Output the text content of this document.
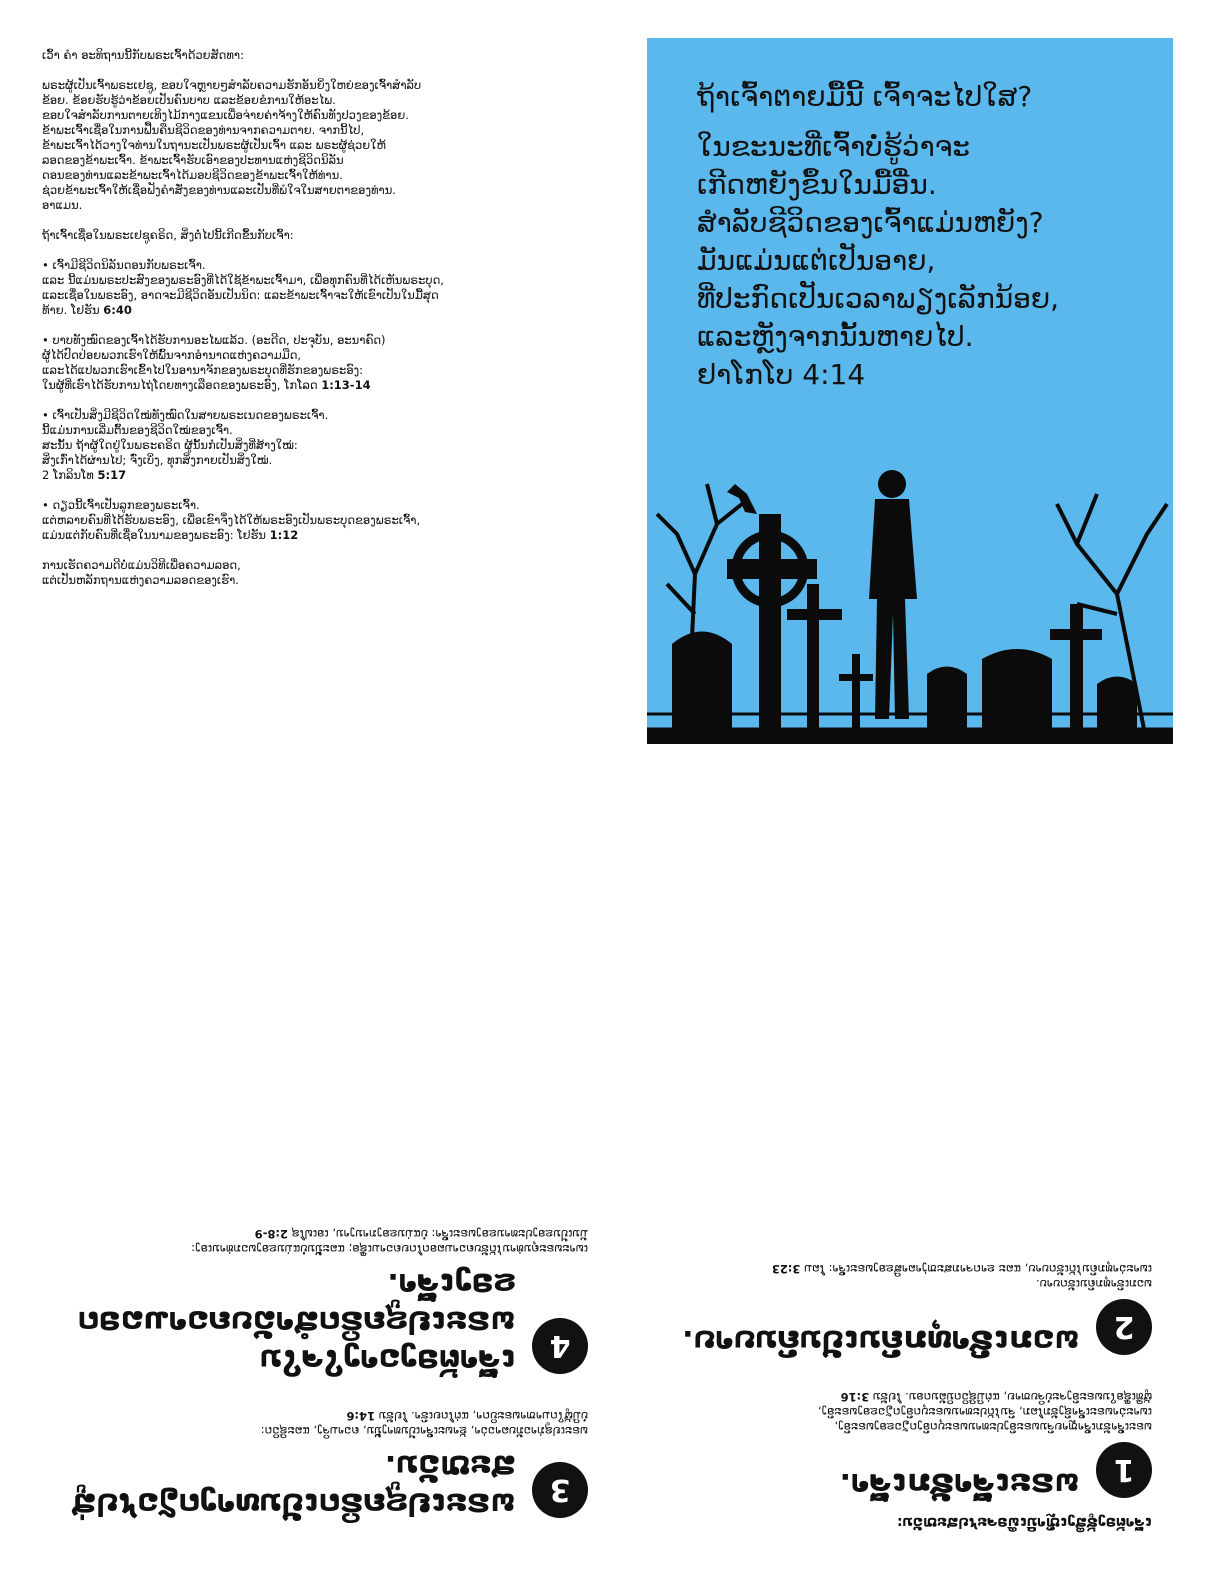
ເວົ້າ ຄຳ ອະທິຖານນີ້ກັບພຣະເຈົ້າດ້ວຍສັດທາ:

ພຣະຜູ້ເປັນເຈົ້າພຣະເຢຊູ, ຂອບໃຈຫຼາຍໆສຳລັບຄວາມຮັກອັນຍິ່ງໃຫຍ່ຂອງເຈົ້າສຳລັບ
ຂ້ອຍ. ຂ້ອຍຮັບຮູ້ວ່າຂ້ອຍເປັນຄົນບາບ ແລະຂ້ອຍຂໍການໃຫ້ອະໄພ.
ຂອບໃຈສຳລັບການຕາຍເທິງໄມ້ກາງແຂນເພື່ອຈ່າຍຄ່າຈ້າງໃຫ້ຄົນທັງປວງຂອງຂ້ອຍ.
ຂ້າພະເຈົ້າເຊື່ອໃນການຟື້ນຄືນຊີວິດຂອງທ່ານຈາກຄວາມຕາຍ. ຈາກນີ້ໄປ,
ຂ້າພະເຈົ້າໄດ້ວາງໃຈທ່ານໃນຖານະເປັນພຣະຜູ້ເປັນເຈົ້າ ແລະ ພຣະຜູ້ຊ່ວຍໃຫ້
ລອດຂອງຂ້າພະເຈົ້າ. ຂ້າພະເຈົ້າຮັບເອົາຂອງປະທານແຫ່ງຊີວິດນິລັນ
ດອນຂອງທ່ານແລະຂ້າພະເຈົ້າໄດ້ມອບຊີວິດຂອງຂ້າພະເຈົ້າໃຫ້ທ່ານ.
ຊ່ວຍຂ້າພະເຈົ້າໃຫ້ເຊື່ອຟັງຄຳສັ່ງຂອງທ່ານແລະເປັນທີ່ພໍໃຈໃນສາຍຕາຂອງທ່ານ.
ອາແມນ.

ຖ້າເຈົ້າເຊື່ອໃນພຣະເຢຊູຄຣິດ, ສິ່ງຕໍ່ໄປນີ້ເກີດຂຶ້ນກັບເຈົ້າ:

• ເຈົ້າມີຊີວິດນິລັນດອນກັບພຣະເຈົ້າ.
ແລະ ນີ້ແມ່ນພຣະປະສົງຂອງພຣະອົງທີ່ໄດ້ໃຊ້ຂ້າພະເຈົ້າມາ, ເພື່ອທຸກຄົນທີ່ໄດ້ເຫັນພຣະບຸດ,
ແລະເຊື່ອໃນພຣະອົງ, ອາດຈະມີຊີວິດອັນເປັນນິດ: ແລະຂ້າພະເຈົ້າຈະໃຫ້ເຂົາເປັນໃນມື້ສຸດ
ທ້າຍ. ໂຢຮັນ 6:40

• ບາບທັງໝົດຂອງເຈົ້າໄດ້ຮັບການອະໄພແລ້ວ. (ອະດີດ, ປະຈຸບັນ, ອະນາຄົດ)
ຜູ້ໄດ້ປົດປ່ອຍພວກເຮົາໃຫ້ພົ້ນຈາກອຳນາດແຫ່ງຄວາມມືດ,
ແລະໄດ້ແປພວກເຮົາເຂົ້າໄປໃນອານາຈັກຂອງພຣະບຸດທີ່ຮັກຂອງພຣະອົງ:
ໃນຜູ້ທີ່ເຮົາໄດ້ຮັບການໄຖ່ໂດຍທາງເລືອດຂອງພຣະອົງ, ໂກໂລດ 1:13-14

• ເຈົ້າເປັນສິ່ງມີຊີວິດໃໝ່ທັງໝົດໃນສາຍພຣະເນດຂອງພຣະເຈົ້າ.
ນີ້ແມ່ນການເລີ່ມຕົ້ນຂອງຊີວິດໃໝ່ຂອງເຈົ້າ.
ສະນັ້ນ ຖ້າຜູ້ໃດຢູ່ໃນພຣະຄຣິດ ຜູ້ນັ້ນກໍເປັນສິ່ງທີ່ສ້າງໃໝ່:
ສິ່ງເກົ່າໄດ້ຜ່ານໄປ; ຈົ່ງເບິ່ງ, ທຸກສິ່ງກາຍເປັນສິ່ງໃໝ່.
2 ໂກລິນໂທ 5:17

• ດຽວນີ້ເຈົ້າເປັນລູກຂອງພຣະເຈົ້າ.
ແຕ່ຫລາຍຄົນທີ່ໄດ້ຮັບພຣະອົງ, ເພື່ອເຂົາຈຶ່ງໄດ້ໃຫ້ພຣະອົງເປັນພຣະບຸດຂອງພຣະເຈົ້າ,
ແມ່ນແຕ່ກັບຄົນທີ່ເຊື່ອໃນນາມຂອງພຣະອົງ: ໂຢຮັນ 1:12

ການເຮັດຄວາມດີບໍ່ແມ່ນວິທີເພື່ອຄວາມລອດ,
ແຕ່ເປັນຫລັກຖານແຫ່ງຄວາມລອດຂອງເຮົາ.

ຖ້າເຈົ້າຕາຍມື້ນີ້ ເຈົ້າຈະໄປໃສ?
ໃນຂະນະທີ່ເຈົ້າບໍ່ຮູ້ວ່າຈະ
ເກີດຫຍັງຂຶ້ນໃນມື້ອື່ນ.
ສຳລັບຊີວິດຂອງເຈົ້າແມ່ນຫຍັງ?
ມັນແມ່ນແຕ່ເປັນອາຍ,
ທີ່ປະກົດເປັນເວລາພຽງເລັກນ້ອຍ,
ແລະຫຼັງຈາກນັ້ນຫາຍໄປ.
ຢາໂກໂບ 4:14
ເຈົ້າຕ້ອງຮູ້ສິ່ງເຫຼົ່ານີ້ເພື່ອຈະໄປສະຫວັນ:
1
ພຣະເຈົ້າຮັກເຈົ້າ.

ພຣະເຈົ້າຮັກເຈົ້າຫຼາຍຈົນພຣະອົງປະທານພຣະບຸດອົງດຽວຂອງພຣະອົງ,
ເພາະວ່າພຣະເຈົ້າຊົງຮັກໂລກ, ຈົນໄດ້ປະທານພຣະບຸດອົງດຽວຂອງພຣະອົງ,
ຜູ້ທີ່ເຊື່ອໃນພຣະອົງຈະບໍ່ຈິບຫາຍ, ແຕ່ມີຊີວິດນິລັນດອນ. ໂຢຮັນ 3:16

2
ພວກເຮົາທຸກຄົນເປັນຄົນບາບ.

ພວກເຮົາທຸກຄົນເຮັດບາບ.
ເພາະວ່າທຸກຄົນໄດ້ເຮັດບາບ, ແລະ ຂາດຈາກສະຫງ່າລາສີຂອງພຣະເຈົ້າ: ໂລມ 3:23

3
ພຣະເຢຊູຄຣິດເປັນທາງດຽວໄປສູ່ສະຫວັນ.

ພຣະເຢຊູກ່າວກັບລາວວ່າ, ຂ້າພະເຈົ້າເປັນທາງນັ້ນ, ຄວາມຈິງ, ແລະຊີວິດ:
ບໍ່ມີຜູ້ໃດມາຫາພຣະບິດາ, ແຕ່ໂດຍເຮົາ. ໂຢຮັນ 14:6

4
ເຈົ້າຕ້ອງວາງໃຈໃນພຣະເຢຊູຄຣິດສຳລັບຄວາມລອດຂອງເຈົ້າ.

ເພາະພຣະຄຸນທ່ານໄດ້ຮັບຄວາມລອດໂດຍຄວາມເຊື່ອ; ແລະນັ້ນບໍ່ແມ່ນຂອງພວກທ່ານເອງ:
ມັນເປັນຂອງປະທານຂອງພຣະເຈົ້າ: ບໍ່ແມ່ນຂອງການງານ, ເອເຟໂຊ 2:8-9
